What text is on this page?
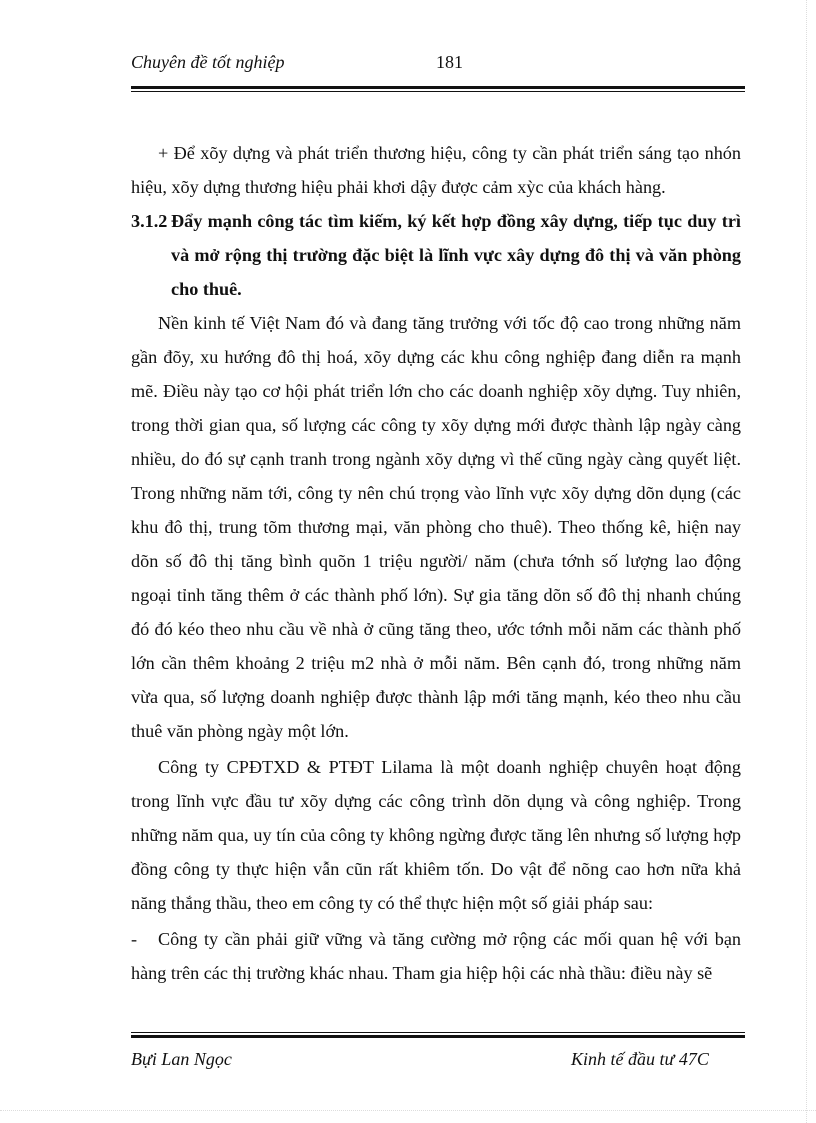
Chuyên đề tốt nghiệp	181

+ Để xõy dựng và phát triển thương hiệu, công ty cần phát triển sáng tạo nhón hiệu, xõy dựng thương hiệu phải khơi dậy được cảm xỳc của khách hàng.

3.1.2 Đẩy mạnh công tác tìm kiếm, ký kết hợp đồng xây dựng, tiếp tục duy trì và mở rộng thị trường đặc biệt là lĩnh vực xây dựng đô thị và văn phòng cho thuê.

Nền kinh tế Việt Nam đó và đang tăng trưởng với tốc độ cao trong những năm gần đõy, xu hướng đô thị hoá, xõy dựng các khu công nghiệp đang diễn ra mạnh mẽ. Điều này tạo cơ hội phát triển lớn cho các doanh nghiệp xõy dựng. Tuy nhiên, trong thời gian qua, số lượng các công ty xõy dựng mới được thành lập ngày càng nhiều, do đó sự cạnh tranh trong ngành xõy dựng vì thế cũng ngày càng quyết liệt. Trong những năm tới, công ty nên chú trọng vào lĩnh vực xõy dựng dõn dụng (các khu đô thị, trung tõm thương mại, văn phòng cho thuê). Theo thống kê, hiện nay dõn số đô thị tăng bình quõn 1 triệu người/ năm (chưa tớnh số lượng lao động ngoại tỉnh tăng thêm ở các thành phố lớn). Sự gia tăng dõn số đô thị nhanh chúng đó đó kéo theo nhu cầu về nhà ở cũng tăng theo, ước tớnh mỗi năm các thành phố lớn cần thêm khoảng 2 triệu m2 nhà ở mỗi năm. Bên cạnh đó, trong những năm vừa qua, số lượng doanh nghiệp được thành lập mới tăng mạnh, kéo theo nhu cầu thuê văn phòng ngày một lớn.

Công ty CPĐTXD & PTĐT Lilama là một doanh nghiệp chuyên hoạt động trong lĩnh vực đầu tư xõy dựng các công trình dõn dụng và công nghiệp. Trong những năm qua, uy tín của công ty không ngừng được tăng lên nhưng số lượng hợp đồng công ty thực hiện vẫn cũn rất khiêm tốn. Do vật để nõng cao hơn nữa khả năng thắng thầu, theo em công ty có thể thực hiện một số giải pháp sau:

- Công ty cần phải giữ vững và tăng cường mở rộng các mối quan hệ với bạn hàng trên các thị trường khác nhau. Tham gia hiệp hội các nhà thầu: điều này sẽ

Bựi Lan Ngọc	Kinh tế đầu tư 47C
